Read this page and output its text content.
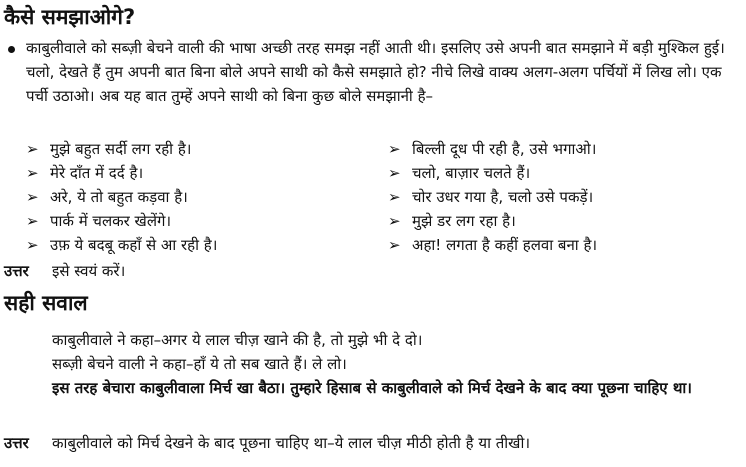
कैसे समझाओगे?
काबुलीवाले को सब्ज़ी बेचने वाली की भाषा अच्छी तरह समझ नहीं आती थी। इसलिए उसे अपनी बात समझाने में बड़ी मुश्किल हुई। चलो, देखते हैं तुम अपनी बात बिना बोले अपने साथी को कैसे समझाते हो? नीचे लिखे वाक्य अलग-अलग पर्चियों में लिख लो। एक पर्ची उठाओ। अब यह बात तुम्हें अपने साथी को बिना कुछ बोले समझानी है–
➢ मुझे बहुत सर्दी लग रही है।
➢ मेरे दाँत में दर्द है।
➢ अरे, ये तो बहुत कड़वा है।
➢ पार्क में चलकर खेलेंगे।
➢ उफ़ ये बदबू कहाँ से आ रही है।
➢ बिल्ली दूध पी रही है, उसे भगाओ।
➢ चलो, बाज़ार चलते हैं।
➢ चोर उधर गया है, चलो उसे पकड़ें।
➢ मुझे डर लग रहा है।
➢ अहा! लगता है कहीं हलवा बना है।
उत्तर इसे स्वयं करें।
सही सवाल
काबुलीवाले ने कहा–अगर ये लाल चीज़ खाने की है, तो मुझे भी दे दो।
सब्ज़ी बेचने वाली ने कहा–हाँ ये तो सब खाते हैं। ले लो।
इस तरह बेचारा काबुलीवाला मिर्च खा बैठा। तुम्हारे हिसाब से काबुलीवाले को मिर्च देखने के बाद क्या पूछना चाहिए था।
उत्तर काबुलीवाले को मिर्च देखने के बाद पूछना चाहिए था–ये लाल चीज़ मीठी होती है या तीखी।
